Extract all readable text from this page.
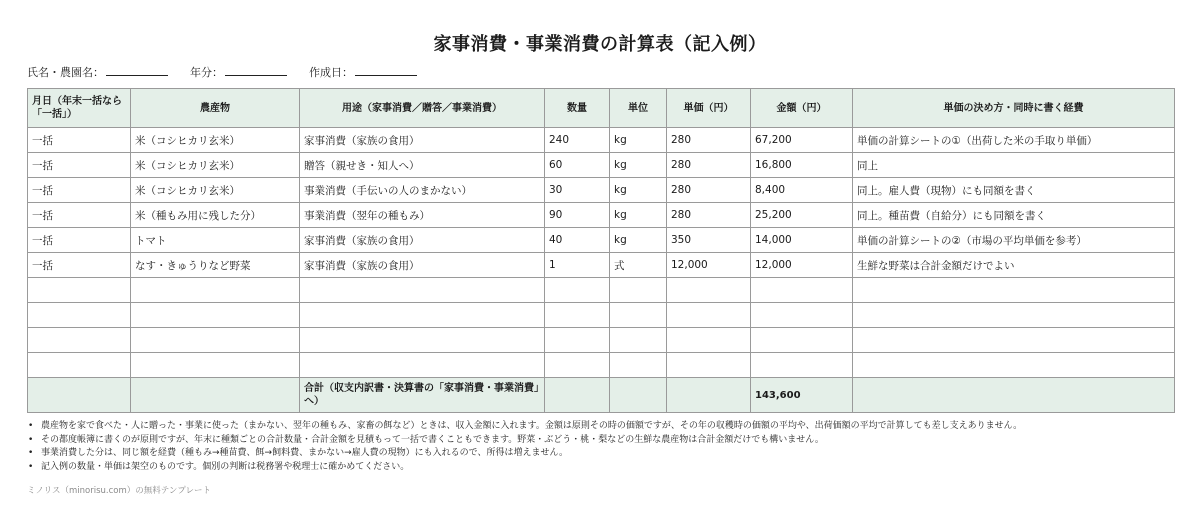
家事消費・事業消費の計算表（記入例）
氏名・農園名：	年分：	作成日：
月日（年末一括なら「一括」）	農産物	用途（家事消費／贈答／事業消費）	数量	単位	単価（円）	金額（円）	単価の決め方・同時に書く経費
一括	米（コシヒカリ玄米）	家事消費（家族の食用）	240	kg	280	67,200	単価の計算シートの①（出荷した米の手取り単価）
一括	米（コシヒカリ玄米）	贈答（親せき・知人へ）	60	kg	280	16,800	同上
一括	米（コシヒカリ玄米）	事業消費（手伝いの人のまかない）	30	kg	280	8,400	同上。雇人費（現物）にも同額を書く
一括	米（種もみ用に残した分）	事業消費（翌年の種もみ）	90	kg	280	25,200	同上。種苗費（自給分）にも同額を書く
一括	トマト	家事消費（家族の食用）	40	kg	350	14,000	単価の計算シートの②（市場の平均単価を参考）
一括	なす・きゅうりなど野菜	家事消費（家族の食用）	1	式	12,000	12,000	生鮮な野菜は合計金額だけでよい

		合計（収支内訳書・決算書の「家事消費・事業消費」へ）				143,600	
• 農産物を家で食べた・人に贈った・事業に使った（まかない、翌年の種もみ、家畜の餌など）ときは、収入金額に入れます。金額は原則その時の価額ですが、その年の収穫時の価額の平均や、出荷価額の平均で計算しても差し支えありません。
• その都度帳簿に書くのが原則ですが、年末に種類ごとの合計数量・合計金額を見積もって一括で書くこともできます。野菜・ぶどう・桃・梨などの生鮮な農産物は合計金額だけでも構いません。
• 事業消費した分は、同じ額を経費（種もみ→種苗費、餌→飼料費、まかない→雇人費の現物）にも入れるので、所得は増えません。
• 記入例の数量・単価は架空のものです。個別の判断は税務署や税理士に確かめてください。
ミノリス（minorisu.com）の無料テンプレート
